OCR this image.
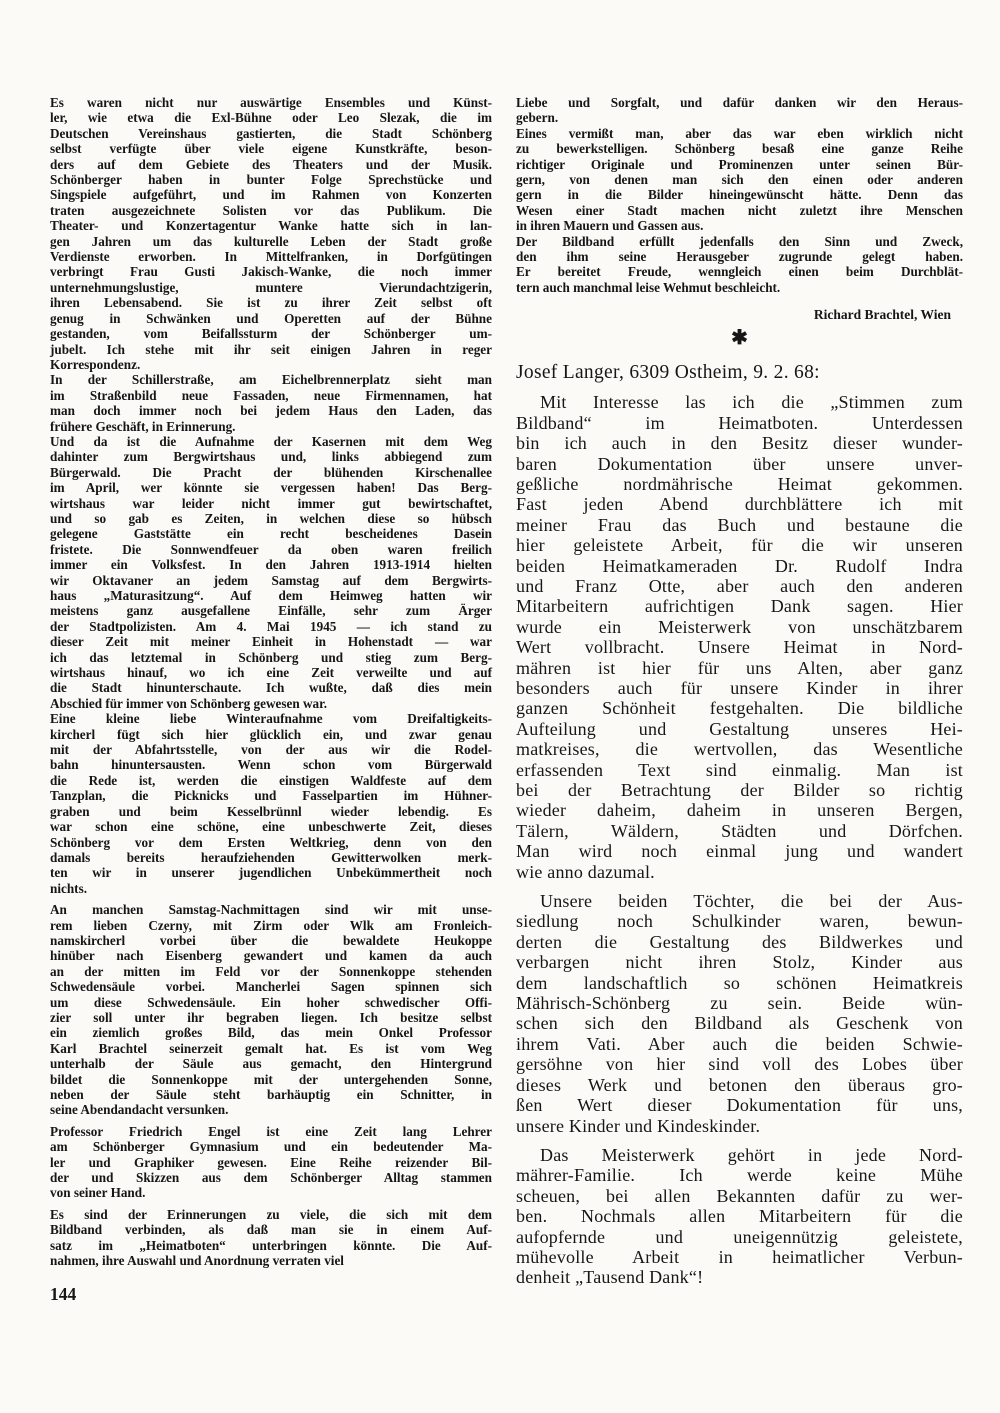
Es waren nicht nur auswärtige Ensembles und Künst-
ler, wie etwa die Exl-Bühne oder Leo Slezak, die im
Deutschen Vereinshaus gastierten, die Stadt Schönberg
selbst verfügte über viele eigene Kunstkräfte, beson-
ders auf dem Gebiete des Theaters und der Musik.
Schönberger haben in bunter Folge Sprechstücke und
Singspiele aufgeführt, und im Rahmen von Konzerten
traten ausgezeichnete Solisten vor das Publikum. Die
Theater- und Konzertagentur Wanke hatte sich in lan-
gen Jahren um das kulturelle Leben der Stadt große
Verdienste erworben. In Mittelfranken, in Dorfgütingen
verbringt Frau Gusti Jakisch-Wanke, die noch immer
unternehmungslustige, muntere Vierundachtzigerin,
ihren Lebensabend. Sie ist zu ihrer Zeit selbst oft
genug in Schwänken und Operetten auf der Bühne
gestanden, vom Beifallssturm der Schönberger um-
jubelt. Ich stehe mit ihr seit einigen Jahren in reger
Korrespondenz.
In der Schillerstraße, am Eichelbrennerplatz sieht man
im Straßenbild neue Fassaden, neue Firmennamen, hat
man doch immer noch bei jedem Haus den Laden, das
frühere Geschäft, in Erinnerung.
Und da ist die Aufnahme der Kasernen mit dem Weg
dahinter zum Bergwirtshaus und, links abbiegend zum
Bürgerwald. Die Pracht der blühenden Kirschenallee
im April, wer könnte sie vergessen haben! Das Berg-
wirtshaus war leider nicht immer gut bewirtschaftet,
und so gab es Zeiten, in welchen diese so hübsch
gelegene Gaststätte ein recht bescheidenes Dasein
fristete. Die Sonnwendfeuer da oben waren freilich
immer ein Volksfest. In den Jahren 1913-1914 hielten
wir Oktavaner an jedem Samstag auf dem Bergwirts-
haus „Maturasitzung“. Auf dem Heimweg hatten wir
meistens ganz ausgefallene Einfälle, sehr zum Ärger
der Stadtpolizisten. Am 4. Mai 1945 — ich stand zu
dieser Zeit mit meiner Einheit in Hohenstadt — war
ich das letztemal in Schönberg und stieg zum Berg-
wirtshaus hinauf, wo ich eine Zeit verweilte und auf
die Stadt hinunterschaute. Ich wußte, daß dies mein
Abschied für immer von Schönberg gewesen war.
Eine kleine liebe Winteraufnahme vom Dreifaltigkeits-
kircherl fügt sich hier glücklich ein, und zwar genau
mit der Abfahrtsstelle, von der aus wir die Rodel-
bahn hinuntersausten. Wenn schon vom Bürgerwald
die Rede ist, werden die einstigen Waldfeste auf dem
Tanzplan, die Picknicks und Fasselpartien im Hühner-
graben und beim Kesselbrünnl wieder lebendig. Es
war schon eine schöne, eine unbeschwerte Zeit, dieses
Schönberg vor dem Ersten Weltkrieg, denn von den
damals bereits heraufziehenden Gewitterwolken merk-
ten wir in unserer jugendlichen Unbekümmertheit noch
nichts.
An manchen Samstag-Nachmittagen sind wir mit unse-
rem lieben Czerny, mit Zirm oder Wlk am Fronleich-
namskircherl vorbei über die bewaldete Heukoppe
hinüber nach Eisenberg gewandert und kamen da auch
an der mitten im Feld vor der Sonnenkoppe stehenden
Schwedensäule vorbei. Mancherlei Sagen spinnen sich
um diese Schwedensäule. Ein hoher schwedischer Offi-
zier soll unter ihr begraben liegen. Ich besitze selbst
ein ziemlich großes Bild, das mein Onkel Professor
Karl Brachtel seinerzeit gemalt hat. Es ist vom Weg
unterhalb der Säule aus gemacht, den Hintergrund
bildet die Sonnenkoppe mit der untergehenden Sonne,
neben der Säule steht barhäuptig ein Schnitter, in
seine Abendandacht versunken.
Professor Friedrich Engel ist eine Zeit lang Lehrer
am Schönberger Gymnasium und ein bedeutender Ma-
ler und Graphiker gewesen. Eine Reihe reizender Bil-
der und Skizzen aus dem Schönberger Alltag stammen
von seiner Hand.
Es sind der Erinnerungen zu viele, die sich mit dem
Bildband verbinden, als daß man sie in einem Auf-
satz im „Heimatboten“ unterbringen könnte. Die Auf-
nahmen, ihre Auswahl und Anordnung verraten viel
Liebe und Sorgfalt, und dafür danken wir den Heraus-
gebern.
Eines vermißt man, aber das war eben wirklich nicht
zu bewerkstelligen. Schönberg besaß eine ganze Reihe
richtiger Originale und Prominenzen unter seinen Bür-
gern, von denen man sich den einen oder anderen
gern in die Bilder hineingewünscht hätte. Denn das
Wesen einer Stadt machen nicht zuletzt ihre Menschen
in ihren Mauern und Gassen aus.
Der Bildband erfüllt jedenfalls den Sinn und Zweck,
den ihm seine Herausgeber zugrunde gelegt haben.
Er bereitet Freude, wenngleich einen beim Durchblät-
tern auch manchmal leise Wehmut beschleicht.
Richard Brachtel, Wien
✱
Josef Langer, 6309 Ostheim, 9. 2. 68:
Mit Interesse las ich die „Stimmen zum
Bildband“ im Heimatboten. Unterdessen
bin ich auch in den Besitz dieser wunder-
baren Dokumentation über unsere unver-
geßliche nordmährische Heimat gekommen.
Fast jeden Abend durchblättere ich mit
meiner Frau das Buch und bestaune die
hier geleistete Arbeit, für die wir unseren
beiden Heimatkameraden Dr. Rudolf Indra
und Franz Otte, aber auch den anderen
Mitarbeitern aufrichtigen Dank sagen. Hier
wurde ein Meisterwerk von unschätzbarem
Wert vollbracht. Unsere Heimat in Nord-
mähren ist hier für uns Alten, aber ganz
besonders auch für unsere Kinder in ihrer
ganzen Schönheit festgehalten. Die bildliche
Aufteilung und Gestaltung unseres Hei-
matkreises, die wertvollen, das Wesentliche
erfassenden Text sind einmalig. Man ist
bei der Betrachtung der Bilder so richtig
wieder daheim, daheim in unseren Bergen,
Tälern, Wäldern, Städten und Dörfchen.
Man wird noch einmal jung und wandert
wie anno dazumal.
Unsere beiden Töchter, die bei der Aus-
siedlung noch Schulkinder waren, bewun-
derten die Gestaltung des Bildwerkes und
verbargen nicht ihren Stolz, Kinder aus
dem landschaftlich so schönen Heimatkreis
Mährisch-Schönberg zu sein. Beide wün-
schen sich den Bildband als Geschenk von
ihrem Vati. Aber auch die beiden Schwie-
gersöhne von hier sind voll des Lobes über
dieses Werk und betonen den überaus gro-
ßen Wert dieser Dokumentation für uns,
unsere Kinder und Kindeskinder.
Das Meisterwerk gehört in jede Nord-
mährer-Familie. Ich werde keine Mühe
scheuen, bei allen Bekannten dafür zu wer-
ben. Nochmals allen Mitarbeitern für die
aufopfernde und uneigennützig geleistete,
mühevolle Arbeit in heimatlicher Verbun-
denheit „Tausend Dank“!
144
